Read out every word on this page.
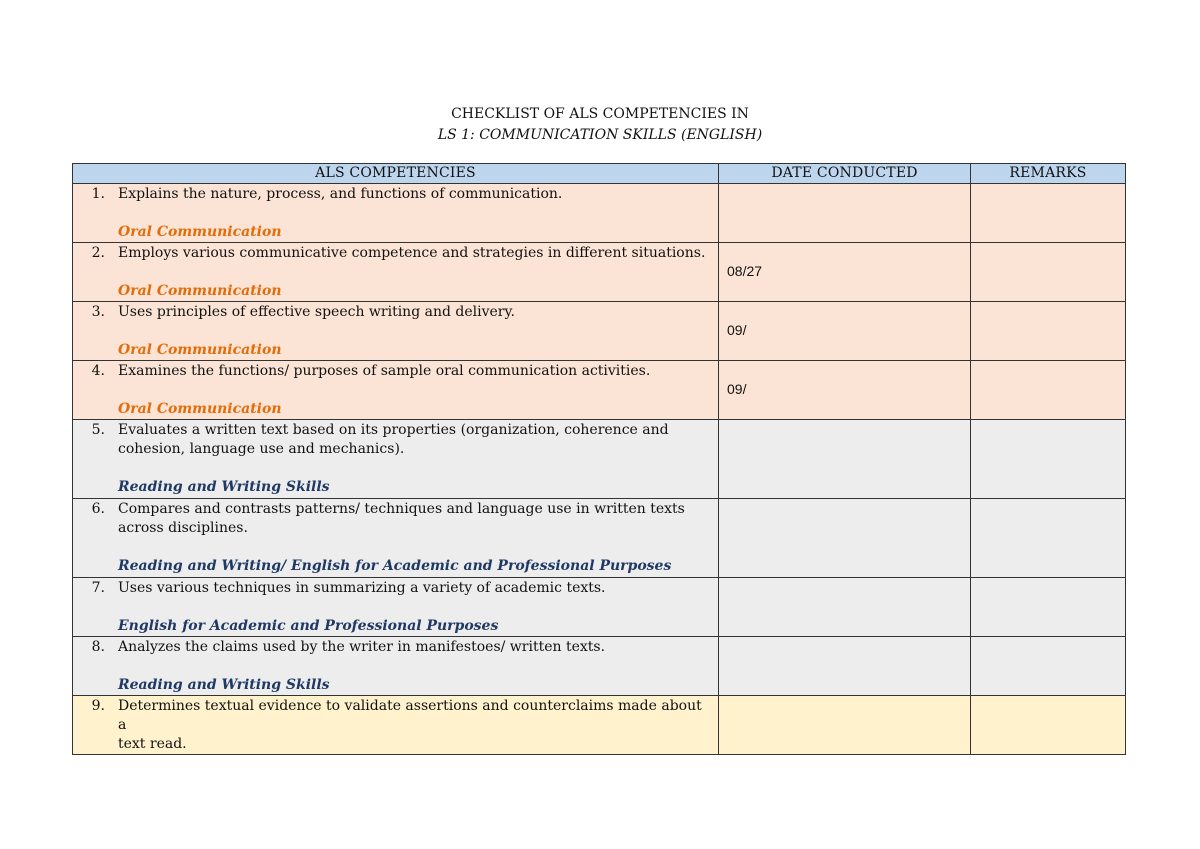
CHECKLIST OF ALS COMPETENCIES IN
LS 1: COMMUNICATION SKILLS (ENGLISH)
ALS COMPETENCIES	DATE CONDUCTED	REMARKS

1. Explains the nature, process, and functions of communication.
Oral Communication		

2. Employs various communicative competence and strategies in different situations.
Oral Communication	08/27	

3. Uses principles of effective speech writing and delivery.
Oral Communication	09/	

4. Examines the functions/ purposes of sample oral communication activities.
Oral Communication	09/	

5. Evaluates a written text based on its properties (organization, coherence and
cohesion, language use and mechanics).
Reading and Writing Skills		

6. Compares and contrasts patterns/ techniques and language use in written texts
across disciplines.
Reading and Writing/ English for Academic and Professional Purposes		

7. Uses various techniques in summarizing a variety of academic texts.
English for Academic and Professional Purposes		

8. Analyzes the claims used by the writer in manifestoes/ written texts.
Reading and Writing Skills		

9. Determines textual evidence to validate assertions and counterclaims made about a
text read.		
